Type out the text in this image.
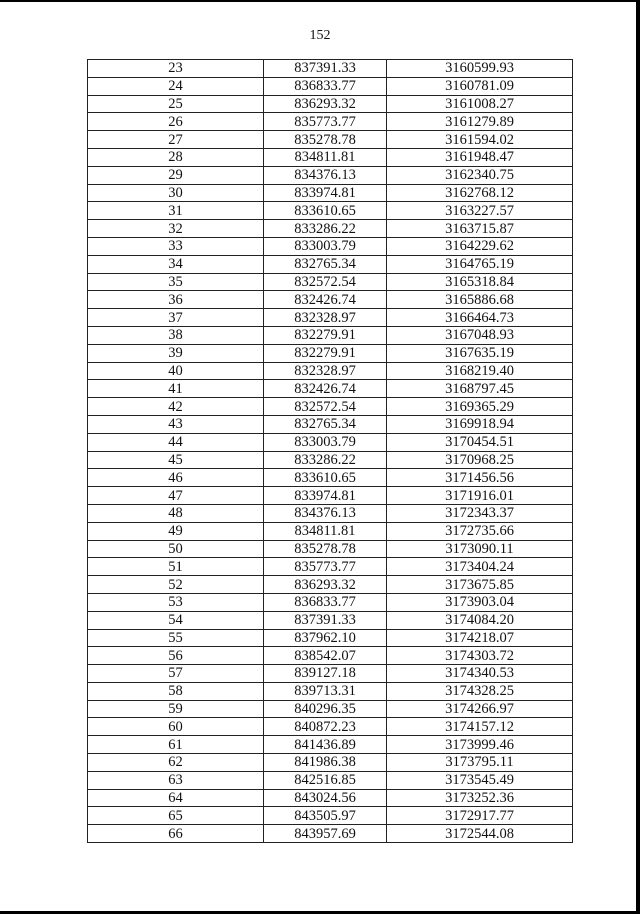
152
23	837391.33	3160599.93
24	836833.77	3160781.09
25	836293.32	3161008.27
26	835773.77	3161279.89
27	835278.78	3161594.02
28	834811.81	3161948.47
29	834376.13	3162340.75
30	833974.81	3162768.12
31	833610.65	3163227.57
32	833286.22	3163715.87
33	833003.79	3164229.62
34	832765.34	3164765.19
35	832572.54	3165318.84
36	832426.74	3165886.68
37	832328.97	3166464.73
38	832279.91	3167048.93
39	832279.91	3167635.19
40	832328.97	3168219.40
41	832426.74	3168797.45
42	832572.54	3169365.29
43	832765.34	3169918.94
44	833003.79	3170454.51
45	833286.22	3170968.25
46	833610.65	3171456.56
47	833974.81	3171916.01
48	834376.13	3172343.37
49	834811.81	3172735.66
50	835278.78	3173090.11
51	835773.77	3173404.24
52	836293.32	3173675.85
53	836833.77	3173903.04
54	837391.33	3174084.20
55	837962.10	3174218.07
56	838542.07	3174303.72
57	839127.18	3174340.53
58	839713.31	3174328.25
59	840296.35	3174266.97
60	840872.23	3174157.12
61	841436.89	3173999.46
62	841986.38	3173795.11
63	842516.85	3173545.49
64	843024.56	3173252.36
65	843505.97	3172917.77
66	843957.69	3172544.08
